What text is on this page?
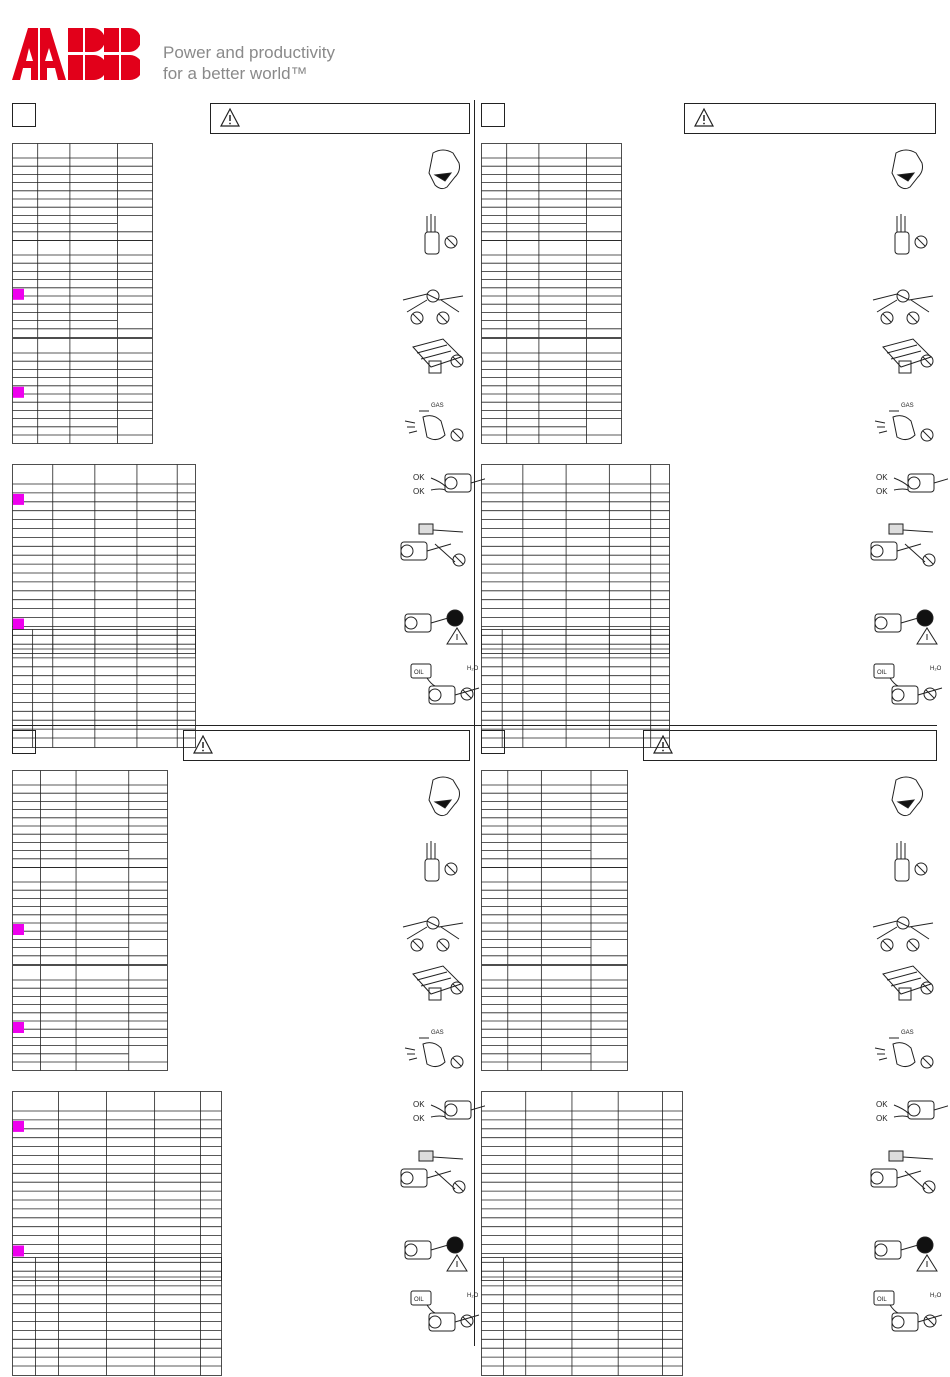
Power and productivity
for a better world™
GAS
OK
OK
OIL
H₂O
GAS
OK
OK
OIL
H₂O
GAS
OK
OK
OIL
H₂O
GAS
OK
OK
OIL
H₂O
